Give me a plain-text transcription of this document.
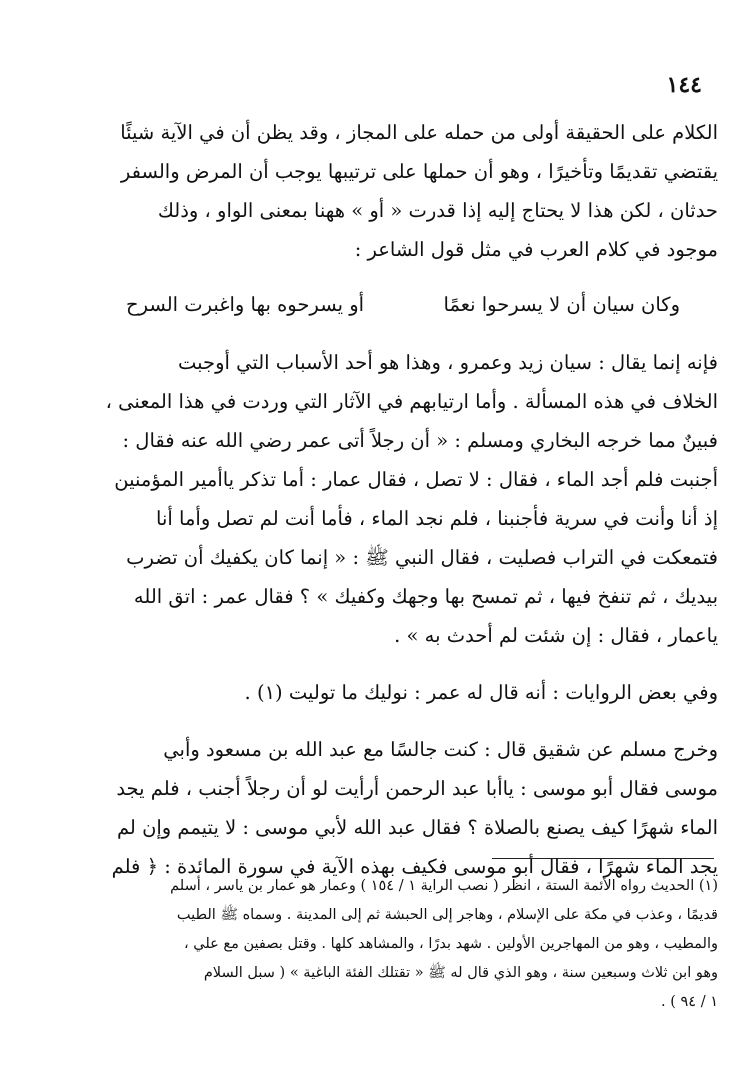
١٤٤
الكلام على الحقيقة أولى من حمله على المجاز ، وقد يظن أن في الآية شيئًا
يقتضي تقديمًا وتأخيرًا ، وهو أن حملها على ترتيبها يوجب أن المرض والسفر
حدثان ، لكن هذا لا يحتاج إليه إذا قدرت « أو » ههنا بمعنى الواو ، وذلك
موجود في كلام العرب في مثل قول الشاعر :
وكان سيان أن لا يسرحوا نعمًا
أو يسرحوه بها واغبرت السرح
فإنه إنما يقال : سيان زيد وعمرو ، وهذا هو أحد الأسباب التي أوجبت
الخلاف في هذه المسألة . وأما ارتيابهم في الآثار التي وردت في هذا المعنى ،
فبينٌ مما خرجه البخاري ومسلم : « أن رجلاً أتى عمر رضي الله عنه فقال :
أجنبت فلم أجد الماء ، فقال : لا تصل ، فقال عمار : أما تذكر ياأمير المؤمنين
إذ أنا وأنت في سرية فأجنبنا ، فلم نجد الماء ، فأما أنت لم تصل وأما أنا
فتمعكت في التراب فصليت ، فقال النبي ﷺ : « إنما كان يكفيك أن تضرب
بيديك ، ثم تنفخ فيها ، ثم تمسح بها وجهك وكفيك » ؟ فقال عمر : اتق الله
ياعمار ، فقال : إن شئت لم أحدث به » .
وفي بعض الروايات : أنه قال له عمر : نوليك ما توليت (١) .
وخرج مسلم عن شقيق قال : كنت جالسًا مع عبد الله بن مسعود وأبي
موسى فقال أبو موسى : ياأبا عبد الرحمن أرأيت لو أن رجلاً أجنب ، فلم يجد
الماء شهرًا كيف يصنع بالصلاة ؟ فقال عبد الله لأبي موسى : لا يتيمم وإن لم
يجد الماء شهرًا ، فقال أبو موسى فكيف بهذه الآية في سورة المائدة : ﴿ فلم
(١) الحديث رواه الأئمة الستة ، انظر ( نصب الراية ١ / ١٥٤ ) وعمار هو عمار بن ياسر ، أسلم
قديمًا ، وعذب في مكة على الإسلام ، وهاجر إلى الحبشة ثم إلى المدينة . وسماه ﷺ الطيب
والمطيب ، وهو من المهاجرين الأولين . شهد بدرًا ، والمشاهد كلها . وقتل بصفين مع علي ،
وهو ابن ثلاث وسبعين سنة ، وهو الذي قال له ﷺ « تقتلك الفئة الباغية » ( سبل السلام
١ / ٩٤ ) .
